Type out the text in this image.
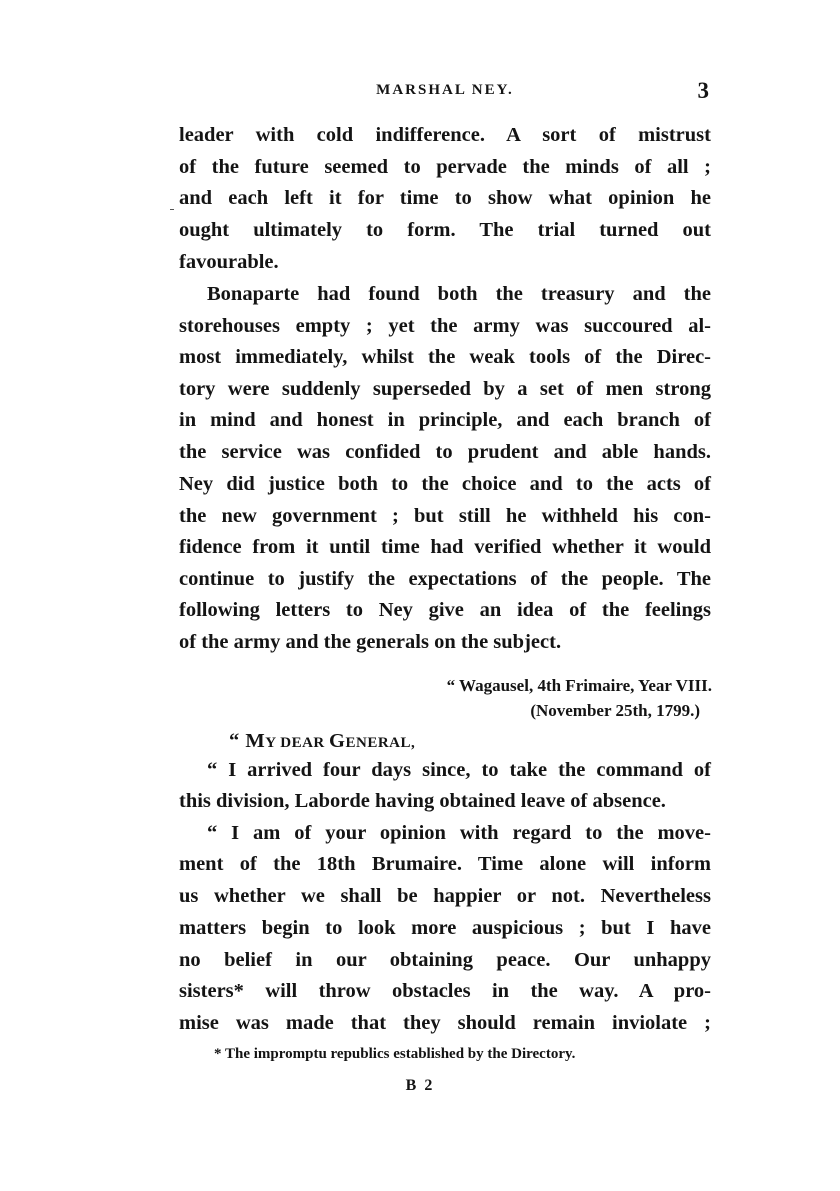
MARSHAL NEY.	3
leader with cold indifference. A sort of mistrust
of the future seemed to pervade the minds of all ;
and each left it for time to show what opinion he
ought ultimately to form. The trial turned out
favourable.
Bonaparte had found both the treasury and the
storehouses empty ; yet the army was succoured al-
most immediately, whilst the weak tools of the Direc-
tory were suddenly superseded by a set of men strong
in mind and honest in principle, and each branch of
the service was confided to prudent and able hands.
Ney did justice both to the choice and to the acts of
the new government ; but still he withheld his con-
fidence from it until time had verified whether it would
continue to justify the expectations of the people. The
following letters to Ney give an idea of the feelings
of the army and the generals on the subject.
“ Wagausel, 4th Frimaire, Year VIII.
(November 25th, 1799.)
“ MY DEAR GENERAL,
“ I arrived four days since, to take the command of
this division, Laborde having obtained leave of absence.
“ I am of your opinion with regard to the move-
ment of the 18th Brumaire. Time alone will inform
us whether we shall be happier or not. Nevertheless
matters begin to look more auspicious ; but I have
no belief in our obtaining peace. Our unhappy
sisters* will throw obstacles in the way. A pro-
mise was made that they should remain inviolate ;
* The impromptu republics established by the Directory.
B 2
